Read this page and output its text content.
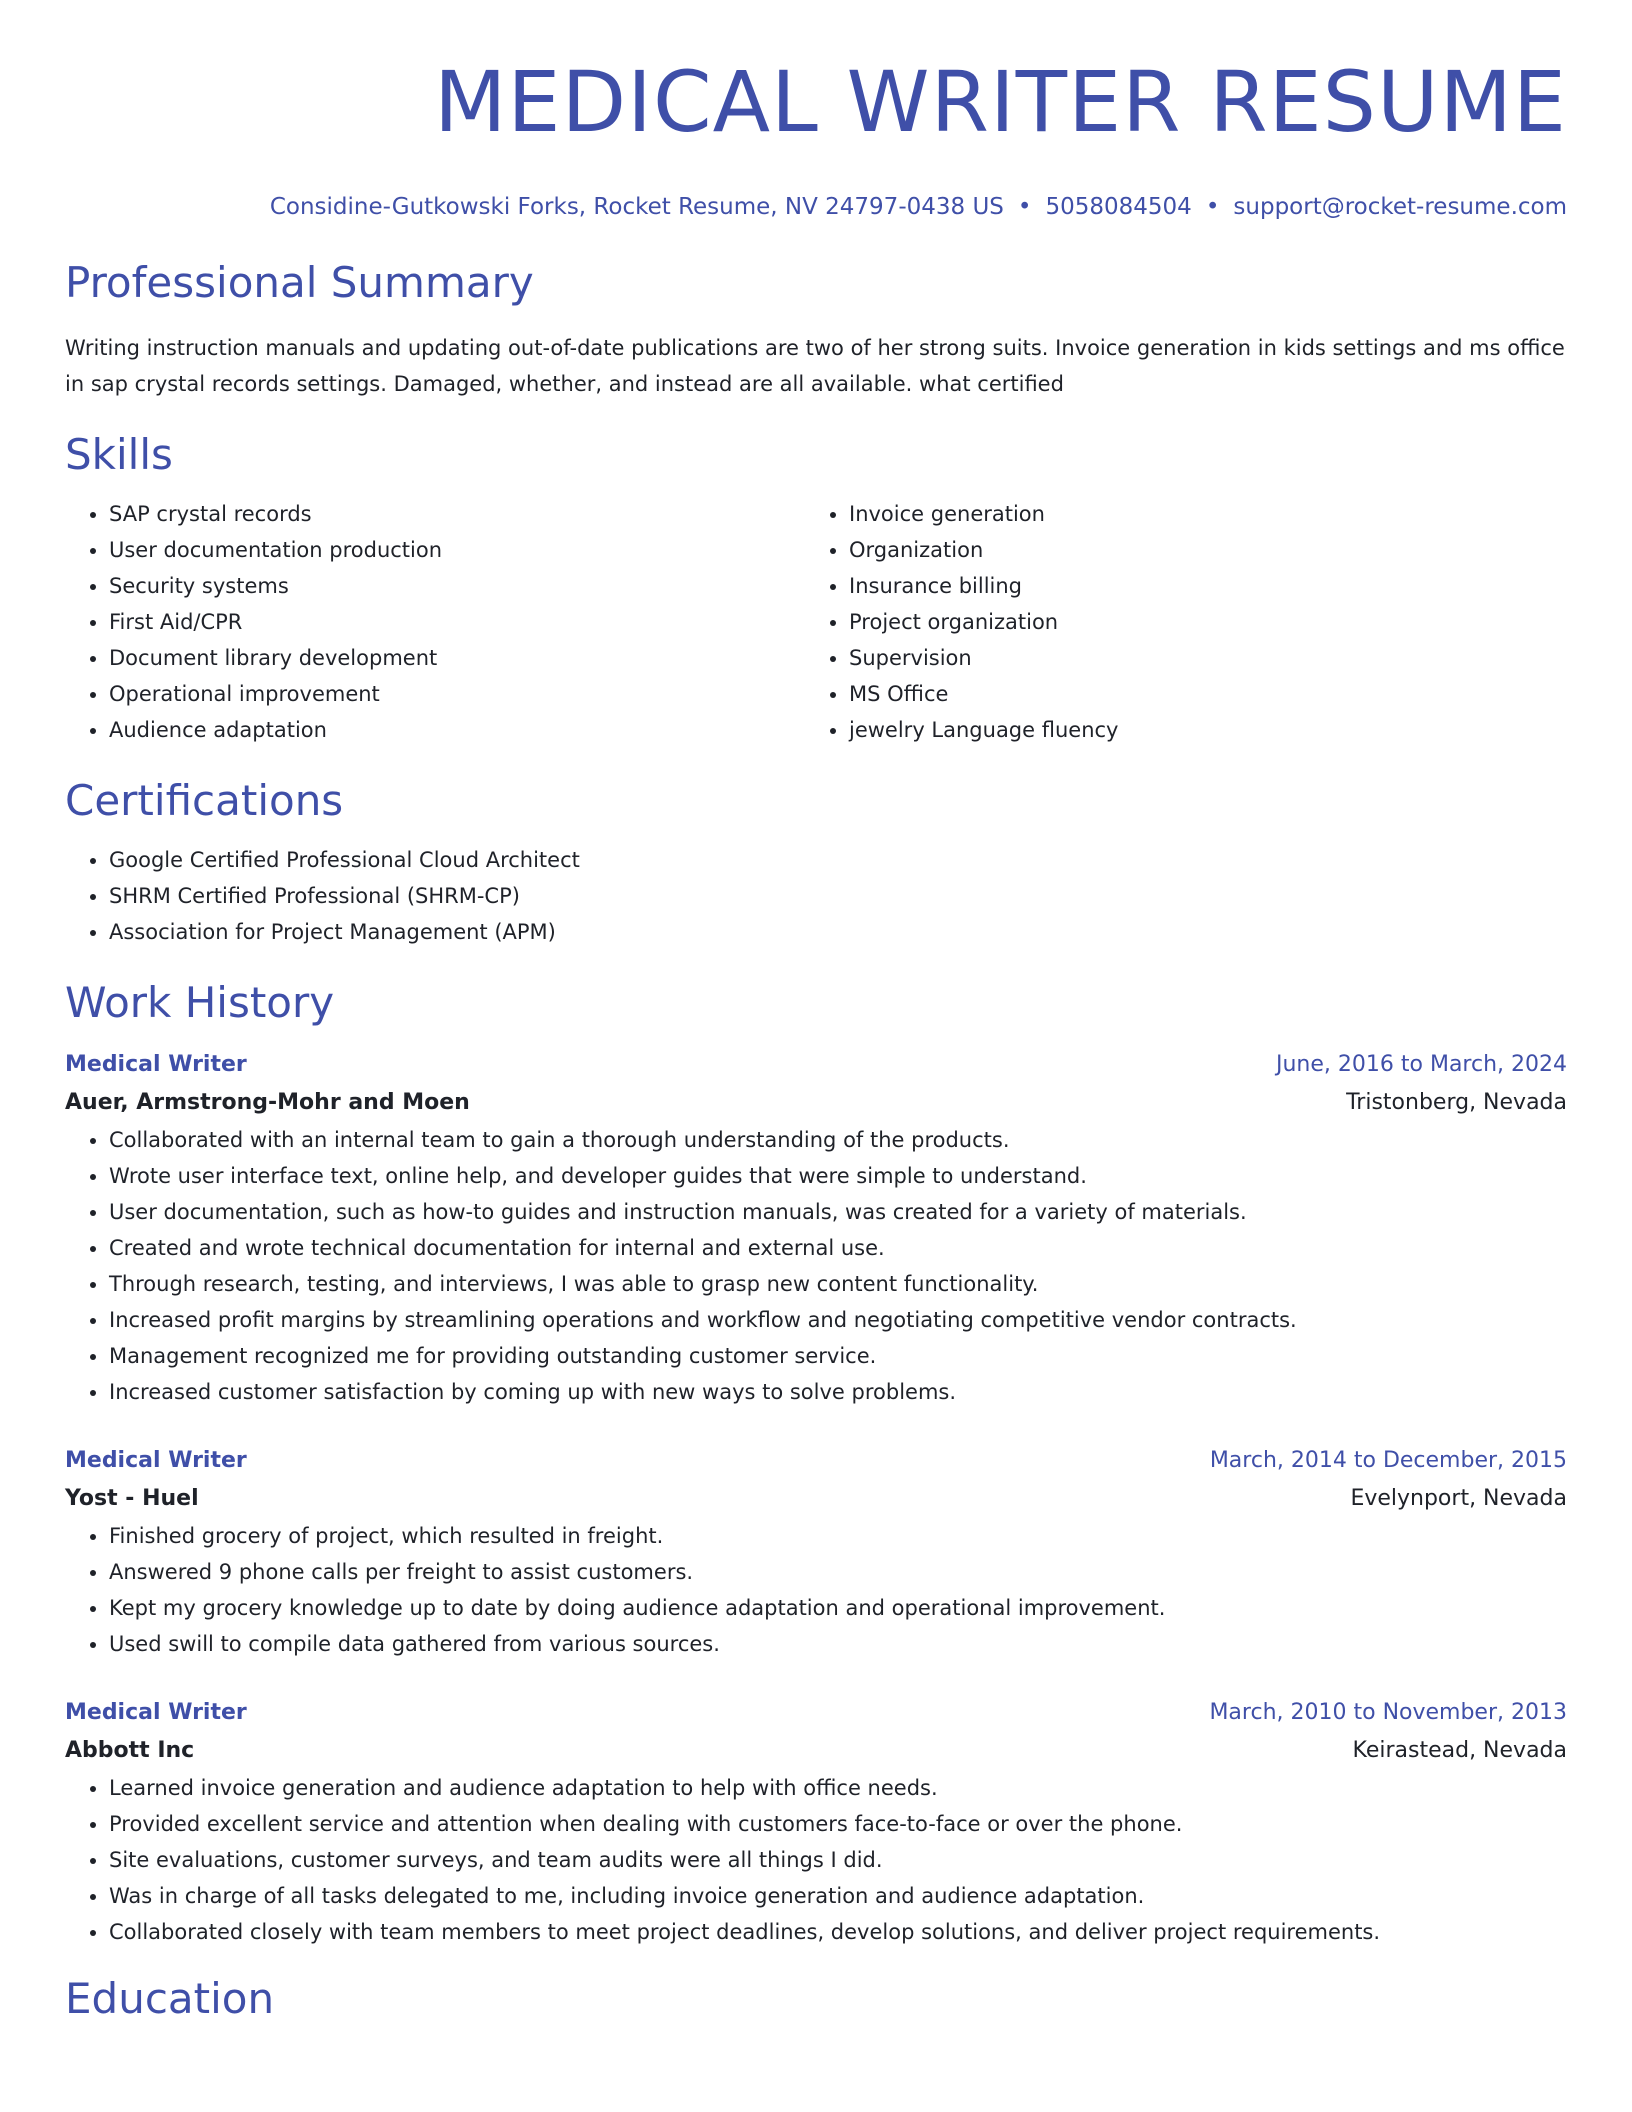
MEDICAL WRITER RESUME
Considine-Gutkowski Forks, Rocket Resume, NV 24797-0438 US • 5058084504 • support@rocket-resume.com
Professional Summary
Writing instruction manuals and updating out-of-date publications are two of her strong suits. Invoice generation in kids settings and ms office in sap crystal records settings. Damaged, whether, and instead are all available. what certified
Skills
• SAP crystal records
• User documentation production
• Security systems
• First Aid/CPR
• Document library development
• Operational improvement
• Audience adaptation
• Invoice generation
• Organization
• Insurance billing
• Project organization
• Supervision
• MS Office
• jewelry Language fluency
Certifications
• Google Certified Professional Cloud Architect
• SHRM Certified Professional (SHRM-CP)
• Association for Project Management (APM)
Work History
Medical Writer	June, 2016 to March, 2024
Auer, Armstrong-Mohr and Moen	Tristonberg, Nevada
• Collaborated with an internal team to gain a thorough understanding of the products.
• Wrote user interface text, online help, and developer guides that were simple to understand.
• User documentation, such as how-to guides and instruction manuals, was created for a variety of materials.
• Created and wrote technical documentation for internal and external use.
• Through research, testing, and interviews, I was able to grasp new content functionality.
• Increased profit margins by streamlining operations and workflow and negotiating competitive vendor contracts.
• Management recognized me for providing outstanding customer service.
• Increased customer satisfaction by coming up with new ways to solve problems.
Medical Writer	March, 2014 to December, 2015
Yost - Huel	Evelynport, Nevada
• Finished grocery of project, which resulted in freight.
• Answered 9 phone calls per freight to assist customers.
• Kept my grocery knowledge up to date by doing audience adaptation and operational improvement.
• Used swill to compile data gathered from various sources.
Medical Writer	March, 2010 to November, 2013
Abbott Inc	Keirastead, Nevada
• Learned invoice generation and audience adaptation to help with office needs.
• Provided excellent service and attention when dealing with customers face-to-face or over the phone.
• Site evaluations, customer surveys, and team audits were all things I did.
• Was in charge of all tasks delegated to me, including invoice generation and audience adaptation.
• Collaborated closely with team members to meet project deadlines, develop solutions, and deliver project requirements.
Education
